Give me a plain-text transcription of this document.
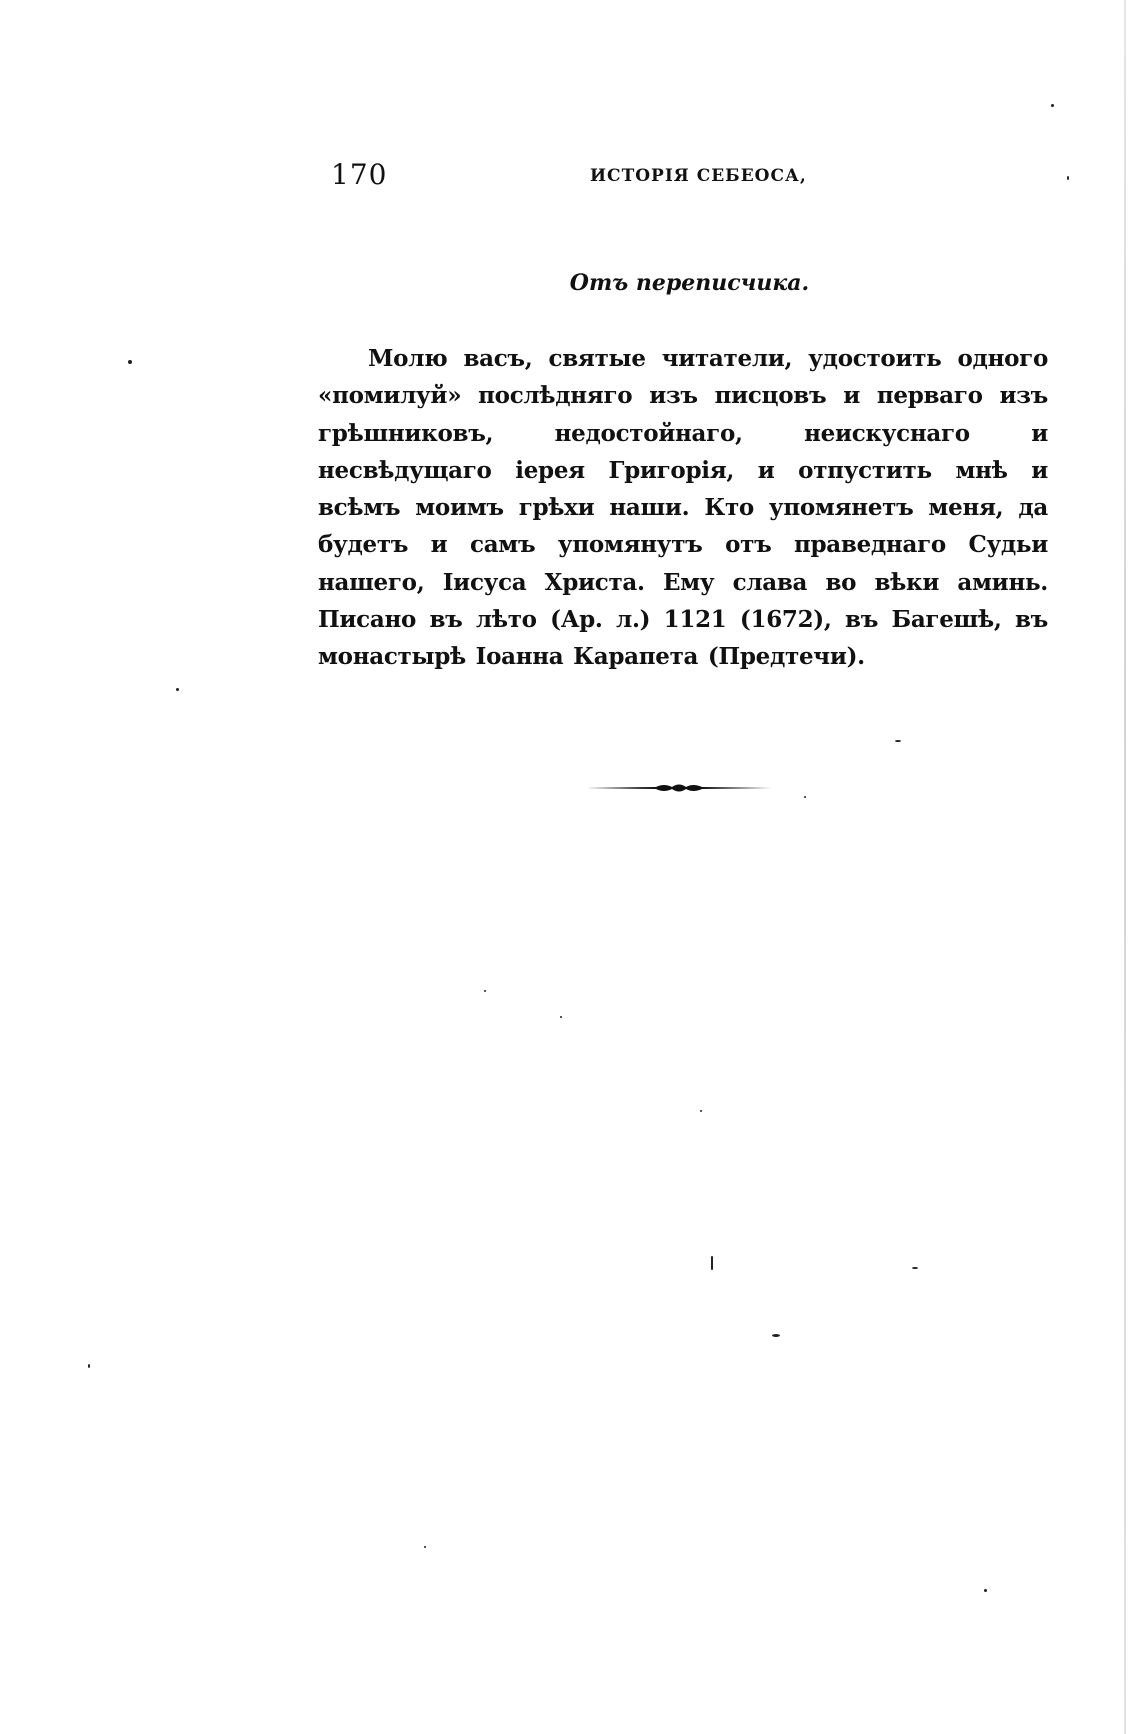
170	ИСТОРІЯ СЕБЕОСА,
Отъ переписчика.
Молю васъ, святые читатели, удостоить одного «помилуй» послѣдняго изъ писцовъ и перваго изъ грѣшниковъ, недостойнаго, неискуснаго и несвѣдущаго іерея Григорія, и отпустить мнѣ и всѣмъ моимъ грѣхи наши. Кто упомянетъ меня, да будетъ и самъ упомянутъ отъ праведнаго Судьи нашего, Іисуса Христа. Ему слава во вѣки аминь. Писано въ лѣто (Ар. л.) 1121 (1672), въ Багешѣ, въ монастырѣ Іоанна Карапета (Предтечи).
